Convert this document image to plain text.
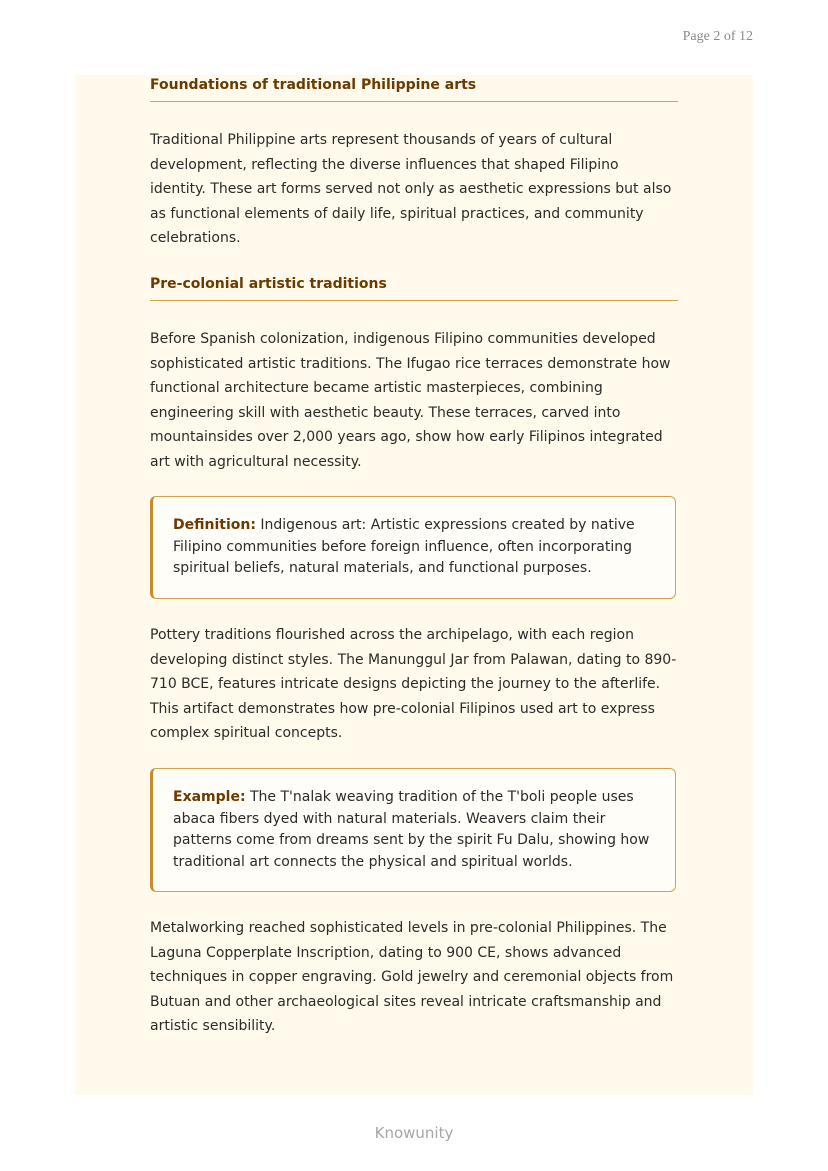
Page 2 of 12
Foundations of traditional Philippine arts

Traditional Philippine arts represent thousands of years of cultural development, reflecting the diverse influences that shaped Filipino identity. These art forms served not only as aesthetic expressions but also as functional elements of daily life, spiritual practices, and community celebrations.

Pre-colonial artistic traditions

Before Spanish colonization, indigenous Filipino communities developed sophisticated artistic traditions. The Ifugao rice terraces demonstrate how functional architecture became artistic masterpieces, combining engineering skill with aesthetic beauty. These terraces, carved into mountainsides over 2,000 years ago, show how early Filipinos integrated art with agricultural necessity.

Definition: Indigenous art: Artistic expressions created by native Filipino communities before foreign influence, often incorporating spiritual beliefs, natural materials, and functional purposes.

Pottery traditions flourished across the archipelago, with each region developing distinct styles. The Manunggul Jar from Palawan, dating to 890-710 BCE, features intricate designs depicting the journey to the afterlife. This artifact demonstrates how pre-colonial Filipinos used art to express complex spiritual concepts.

Example: The T'nalak weaving tradition of the T'boli people uses abaca fibers dyed with natural materials. Weavers claim their patterns come from dreams sent by the spirit Fu Dalu, showing how traditional art connects the physical and spiritual worlds.

Metalworking reached sophisticated levels in pre-colonial Philippines. The Laguna Copperplate Inscription, dating to 900 CE, shows advanced techniques in copper engraving. Gold jewelry and ceremonial objects from Butuan and other archaeological sites reveal intricate craftsmanship and artistic sensibility.

Knowunity
